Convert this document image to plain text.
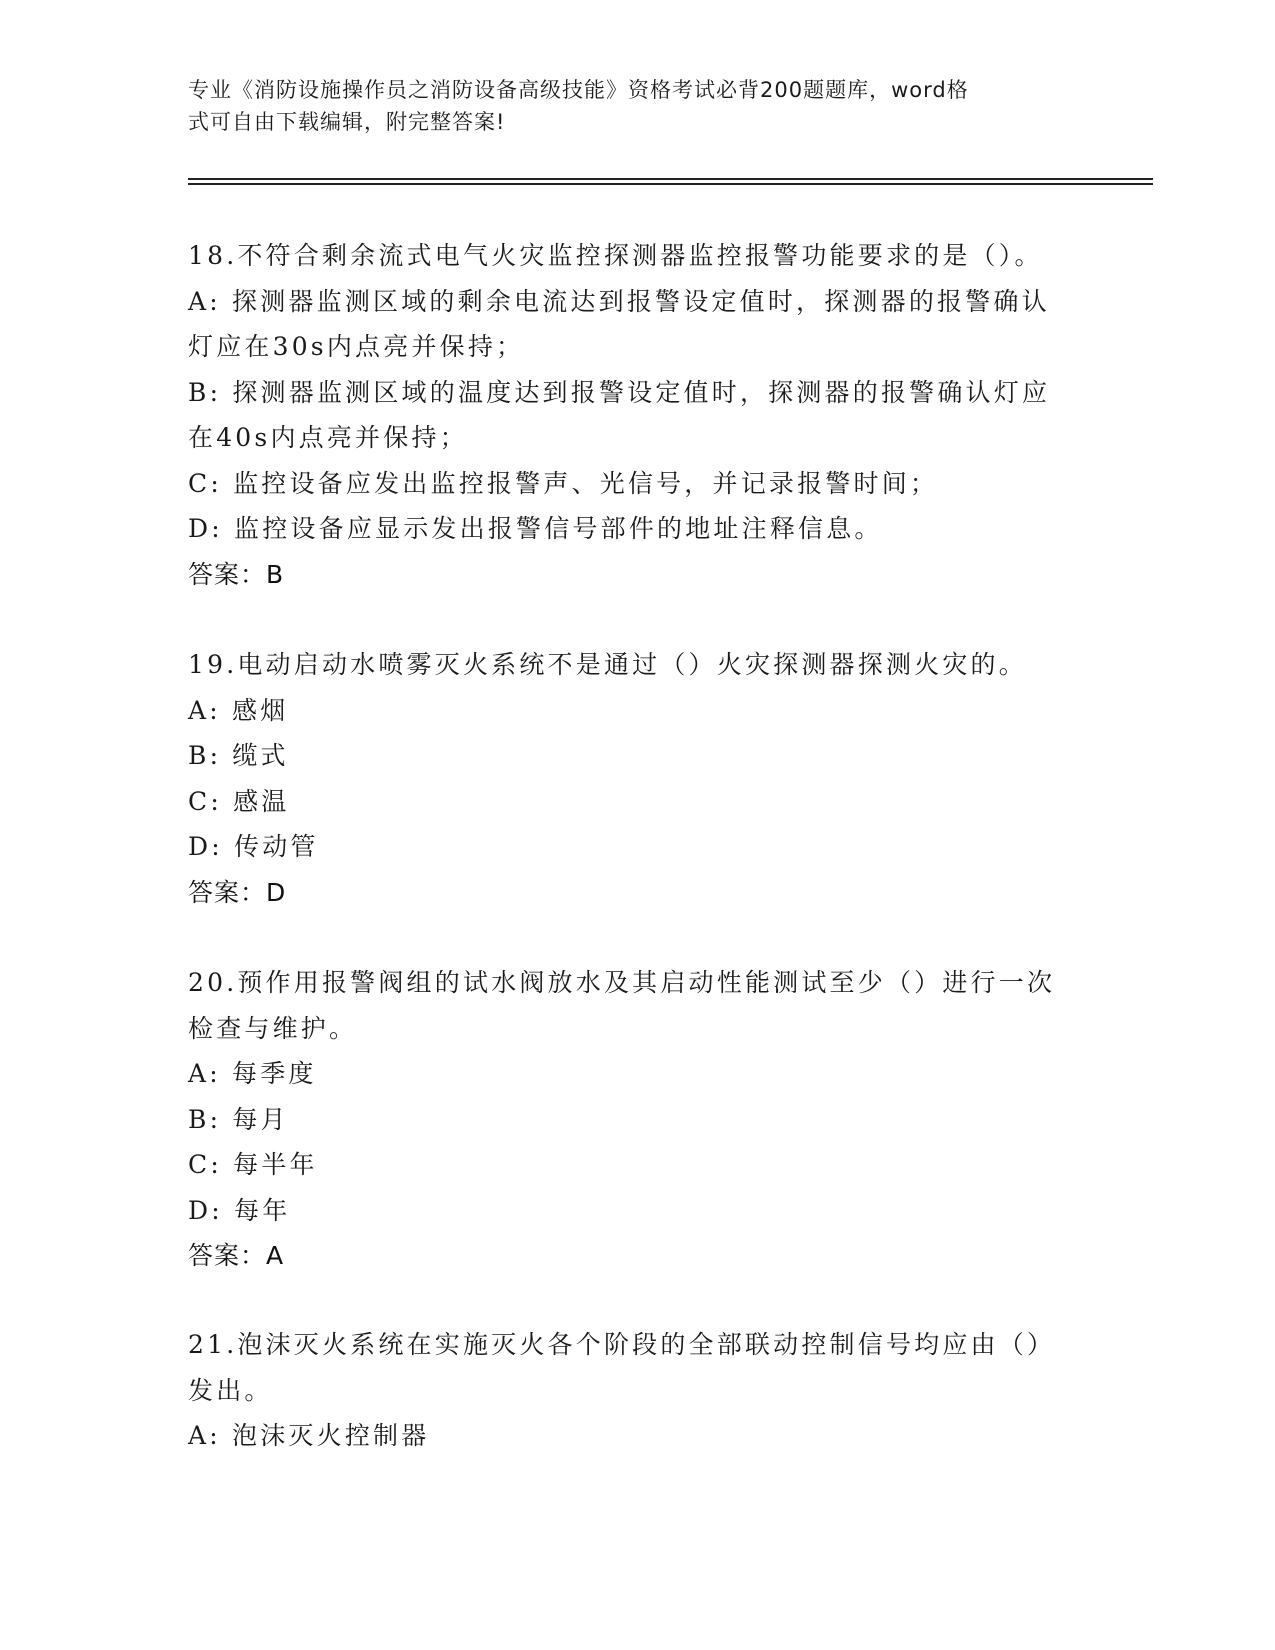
专业《消防设施操作员之消防设备高级技能》资格考试必背200题题库，word格
式可自由下载编辑，附完整答案!
18.不符合剩余流式电气火灾监控探测器监控报警功能要求的是（）。
A: 探测器监测区域的剩余电流达到报警设定值时，探测器的报警确认
灯应在30s内点亮并保持；
B: 探测器监测区域的温度达到报警设定值时，探测器的报警确认灯应
在40s内点亮并保持；
C: 监控设备应发出监控报警声、光信号，并记录报警时间；
D: 监控设备应显示发出报警信号部件的地址注释信息。
答案：B
19.电动启动水喷雾灭火系统不是通过（）火灾探测器探测火灾的。
A: 感烟
B: 缆式
C: 感温
D: 传动管
答案：D
20.预作用报警阀组的试水阀放水及其启动性能测试至少（）进行一次
检查与维护。
A: 每季度
B: 每月
C: 每半年
D: 每年
答案：A
21.泡沫灭火系统在实施灭火各个阶段的全部联动控制信号均应由（）
发出。
A: 泡沫灭火控制器
